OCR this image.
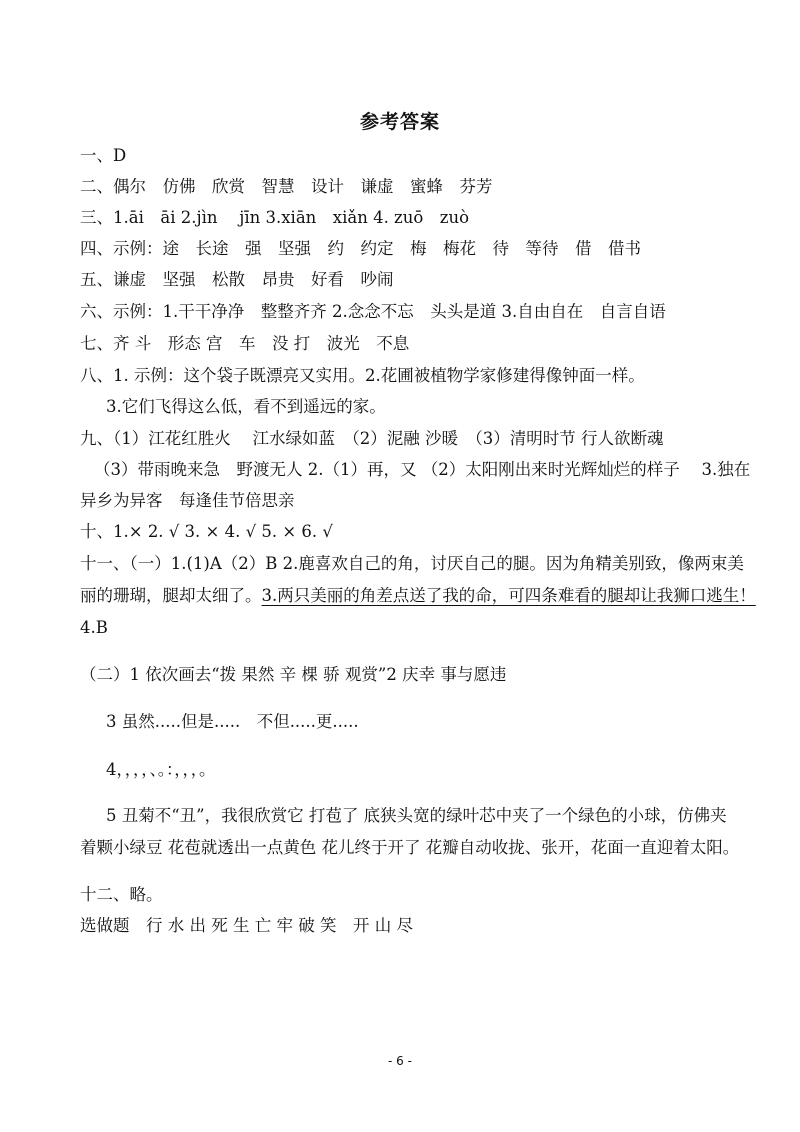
参考答案
一、D
二、偶尔　仿佛　欣赏　智慧　设计　谦虚　蜜蜂　芬芳
三、1.āi　āi 2.jìn　 jīn 3.xiān　xiǎn 4. zuō　zuò
四、示例：途　长途　强　坚强　约　约定　梅　梅花　待　等待　借　借书
五、谦虚　坚强　松散　昂贵　好看　吵闹
六、示例：1.干干净净　整整齐齐 2.念念不忘　头头是道 3.自由自在　自言自语
七、齐 斗　形态 宫　车　没 打　波光　不息
八、1. 示例：这个袋子既漂亮又实用。2.花圃被植物学家修建得像钟面一样。
3.它们飞得这么低，看不到遥远的家。
九、（1）江花红胜火　 江水绿如蓝　（2）泥融 沙暖　（3）清明时节 行人欲断魂
（3）带雨晚来急　野渡无人 2.（1）再，又 （2）太阳刚出来时光辉灿烂的样子　 3.独在
异乡为异客　每逢佳节倍思亲
十、1.× 2. √ 3. × 4. √ 5. × 6. √
十一、（一）1.(1)A（2）B 2.鹿喜欢自己的角，讨厌自己的腿。因为角精美别致，像两束美
丽的珊瑚，腿却太细了。3.两只美丽的角差点送了我的命，可四条难看的腿却让我狮口逃生！
4.B
（二）1 依次画去“拨 果然 辛 棵 骄 观赏”2 庆幸 事与愿违
3 虽然.....但是.....　不但.....更.....
4，，，，、。：，，，。
5 丑菊不“丑”，我很欣赏它 打苞了 底狭头宽的绿叶芯中夹了一个绿色的小球，仿佛夹
着颗小绿豆 花苞就透出一点黄色 花儿终于开了 花瓣自动收拢、张开，花面一直迎着太阳。
十二、略。
选做题　行 水 出 死 生 亡 牢 破 笑　开 山 尽
- 6 -
